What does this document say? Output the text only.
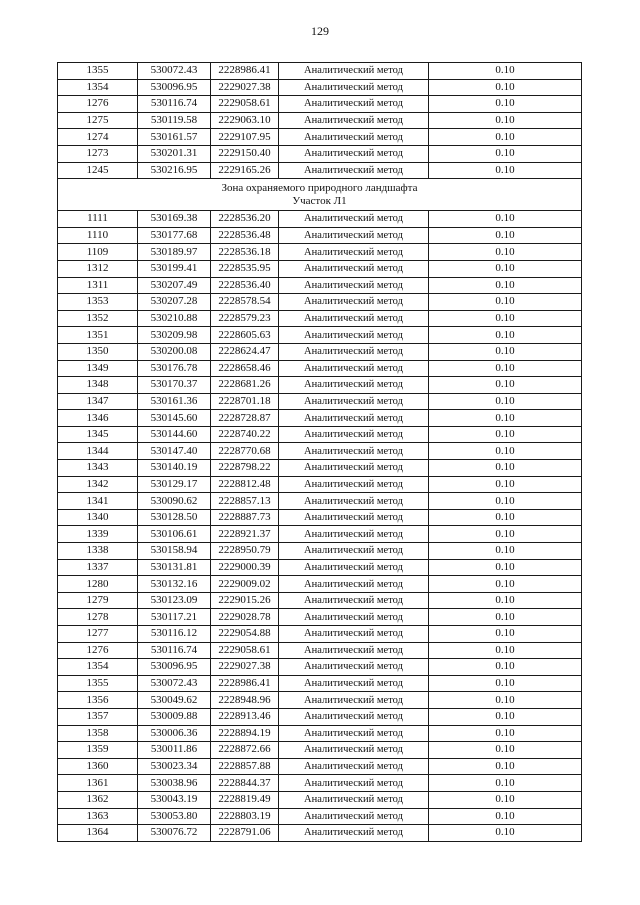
129
1355	530072.43	2228986.41	Аналитический метод	0.10
1354	530096.95	2229027.38	Аналитический метод	0.10
1276	530116.74	2229058.61	Аналитический метод	0.10
1275	530119.58	2229063.10	Аналитический метод	0.10
1274	530161.57	2229107.95	Аналитический метод	0.10
1273	530201.31	2229150.40	Аналитический метод	0.10
1245	530216.95	2229165.26	Аналитический метод	0.10

Зона охраняемого природного ландшафта
Участок Л1				

1111	530169.38	2228536.20	Аналитический метод	0.10
1110	530177.68	2228536.48	Аналитический метод	0.10
1109	530189.97	2228536.18	Аналитический метод	0.10
1312	530199.41	2228535.95	Аналитический метод	0.10
1311	530207.49	2228536.40	Аналитический метод	0.10
1353	530207.28	2228578.54	Аналитический метод	0.10
1352	530210.88	2228579.23	Аналитический метод	0.10
1351	530209.98	2228605.63	Аналитический метод	0.10
1350	530200.08	2228624.47	Аналитический метод	0.10
1349	530176.78	2228658.46	Аналитический метод	0.10
1348	530170.37	2228681.26	Аналитический метод	0.10
1347	530161.36	2228701.18	Аналитический метод	0.10
1346	530145.60	2228728.87	Аналитический метод	0.10
1345	530144.60	2228740.22	Аналитический метод	0.10
1344	530147.40	2228770.68	Аналитический метод	0.10
1343	530140.19	2228798.22	Аналитический метод	0.10
1342	530129.17	2228812.48	Аналитический метод	0.10
1341	530090.62	2228857.13	Аналитический метод	0.10
1340	530128.50	2228887.73	Аналитический метод	0.10
1339	530106.61	2228921.37	Аналитический метод	0.10
1338	530158.94	2228950.79	Аналитический метод	0.10
1337	530131.81	2229000.39	Аналитический метод	0.10
1280	530132.16	2229009.02	Аналитический метод	0.10
1279	530123.09	2229015.26	Аналитический метод	0.10
1278	530117.21	2229028.78	Аналитический метод	0.10
1277	530116.12	2229054.88	Аналитический метод	0.10
1276	530116.74	2229058.61	Аналитический метод	0.10
1354	530096.95	2229027.38	Аналитический метод	0.10
1355	530072.43	2228986.41	Аналитический метод	0.10
1356	530049.62	2228948.96	Аналитический метод	0.10
1357	530009.88	2228913.46	Аналитический метод	0.10
1358	530006.36	2228894.19	Аналитический метод	0.10
1359	530011.86	2228872.66	Аналитический метод	0.10
1360	530023.34	2228857.88	Аналитический метод	0.10
1361	530038.96	2228844.37	Аналитический метод	0.10
1362	530043.19	2228819.49	Аналитический метод	0.10
1363	530053.80	2228803.19	Аналитический метод	0.10
1364	530076.72	2228791.06	Аналитический метод	0.10
